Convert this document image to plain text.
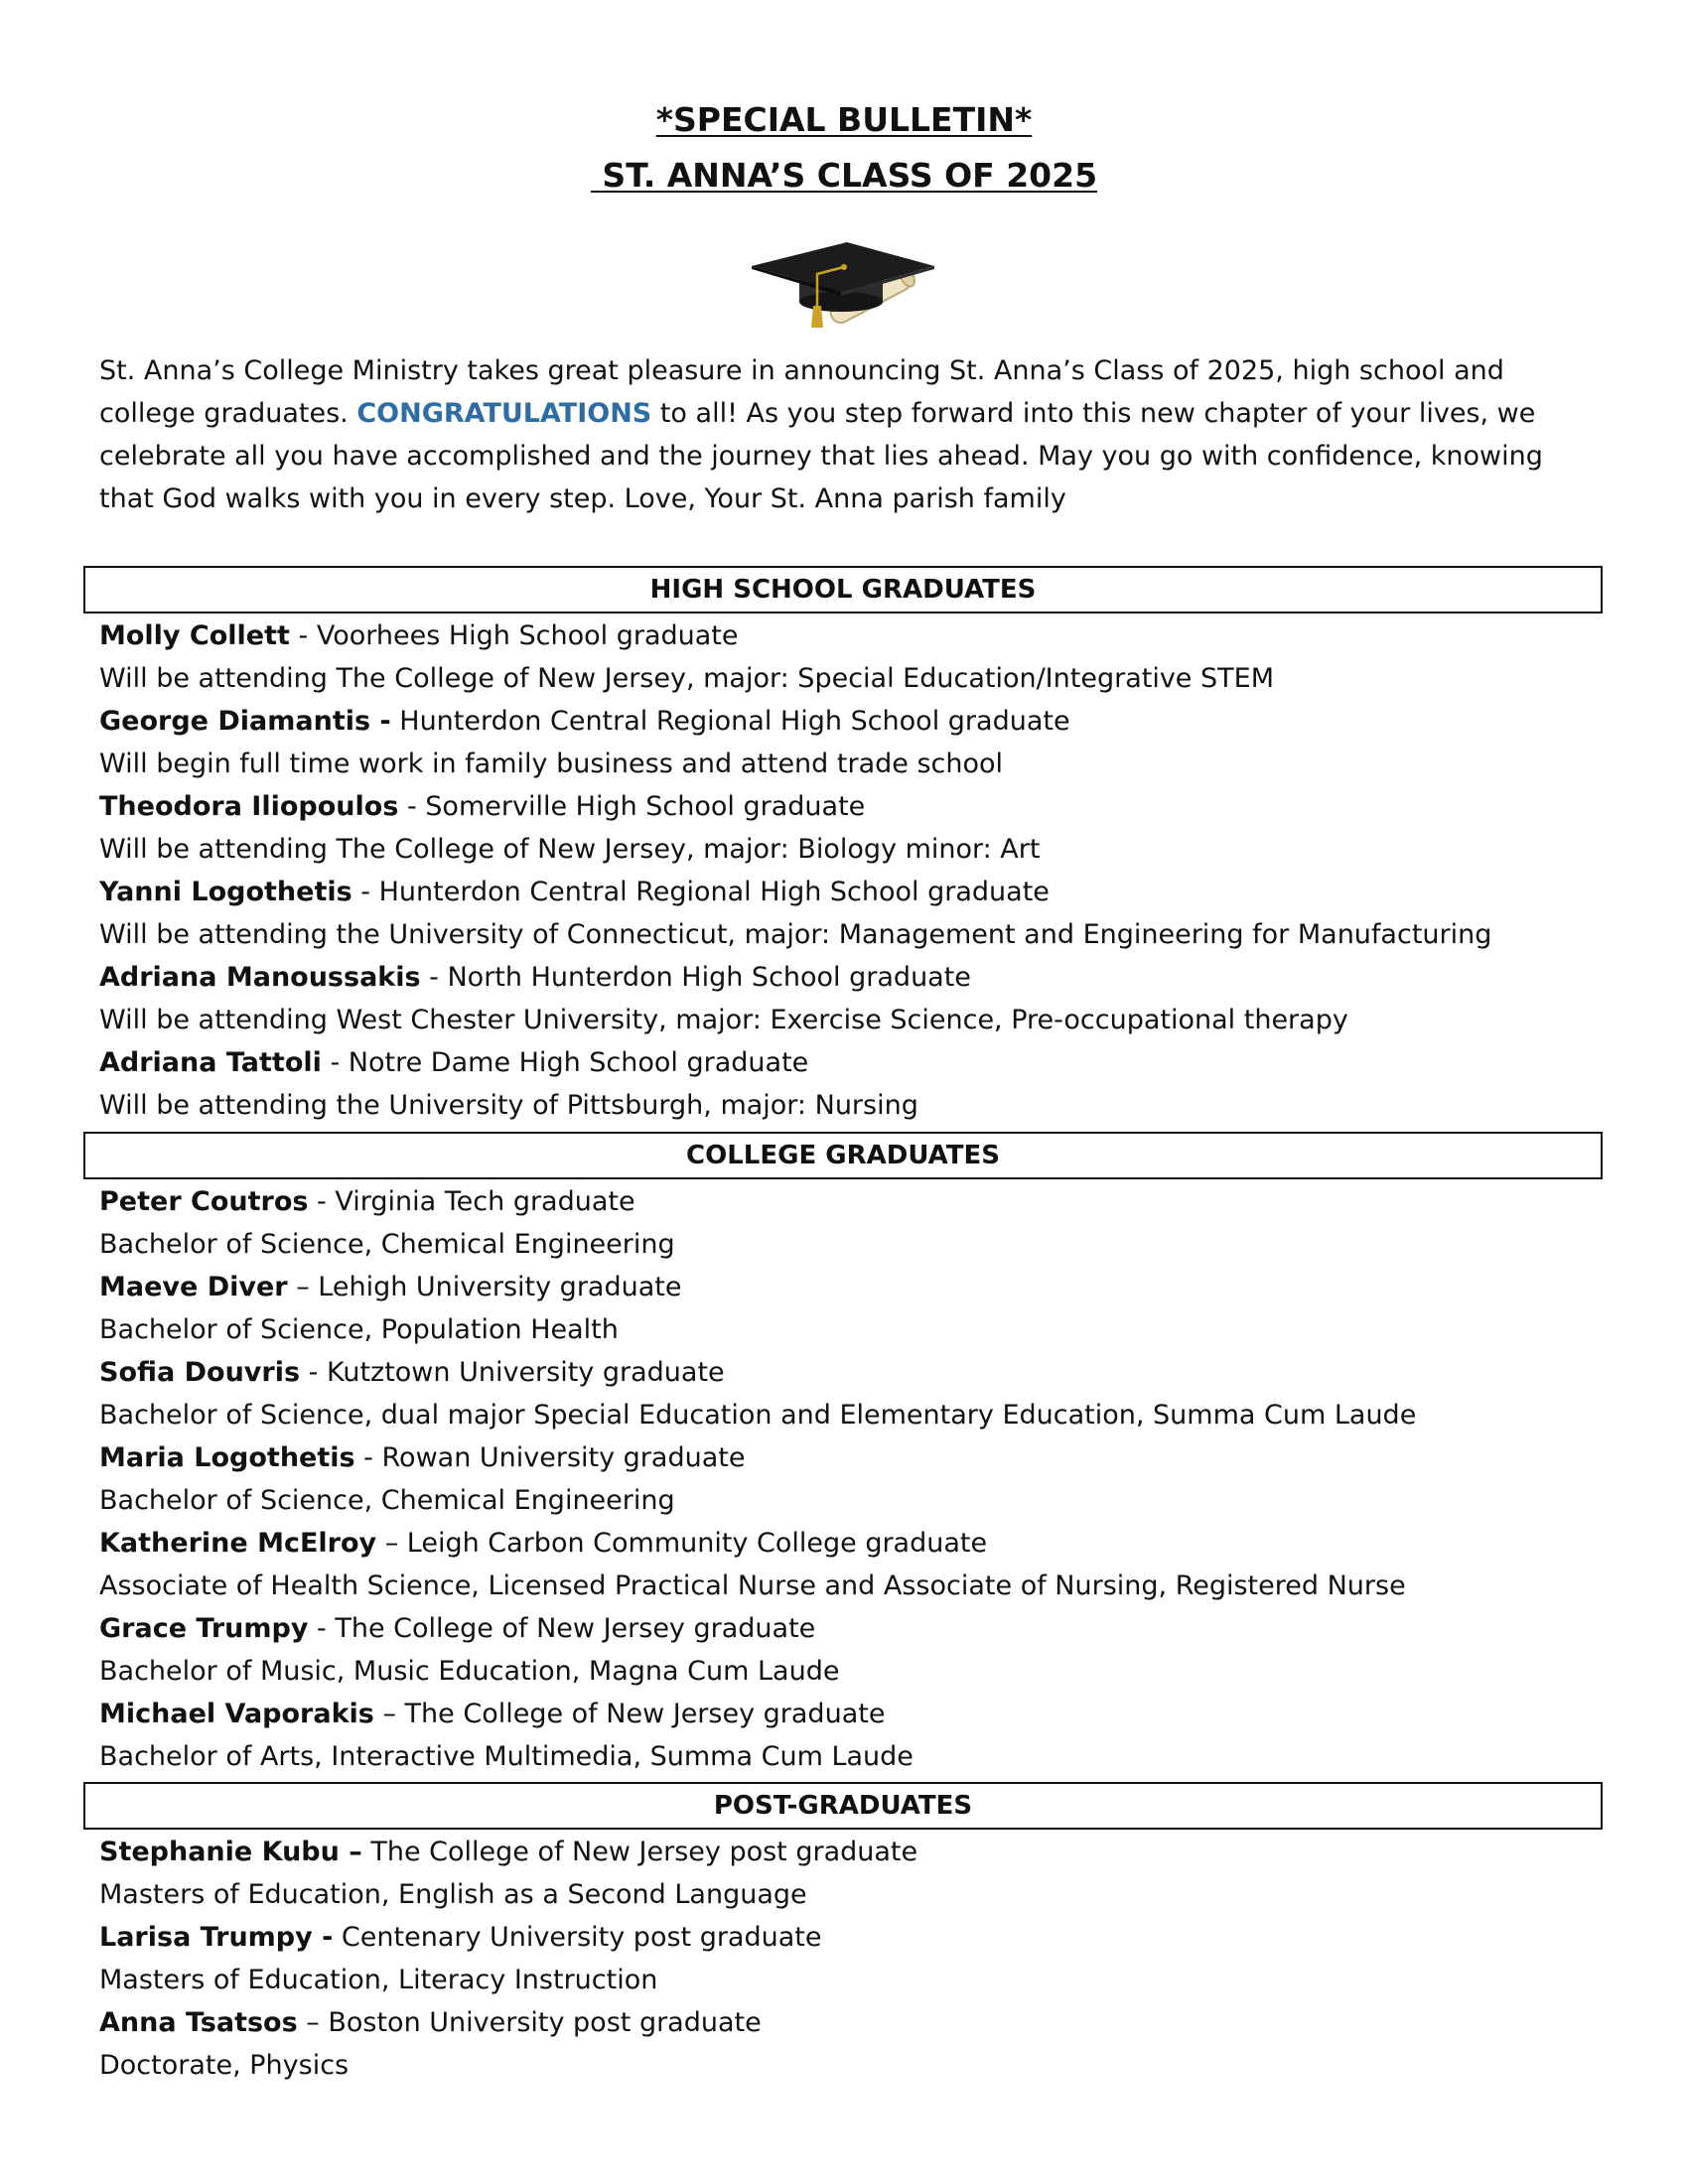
*SPECIAL BULLETIN*
ST. ANNA’S CLASS OF 2025

St. Anna’s College Ministry takes great pleasure in announcing St. Anna’s Class of 2025, high school and college graduates. CONGRATULATIONS to all! As you step forward into this new chapter of your lives, we celebrate all you have accomplished and the journey that lies ahead. May you go with confidence, knowing that God walks with you in every step. Love, Your St. Anna parish family

HIGH SCHOOL GRADUATES
Molly Collett - Voorhees High School graduate
Will be attending The College of New Jersey, major: Special Education/Integrative STEM
George Diamantis - Hunterdon Central Regional High School graduate
Will begin full time work in family business and attend trade school
Theodora Iliopoulos - Somerville High School graduate
Will be attending The College of New Jersey, major: Biology minor: Art
Yanni Logothetis - Hunterdon Central Regional High School graduate
Will be attending the University of Connecticut, major: Management and Engineering for Manufacturing
Adriana Manoussakis - North Hunterdon High School graduate
Will be attending West Chester University, major: Exercise Science, Pre-occupational therapy
Adriana Tattoli - Notre Dame High School graduate
Will be attending the University of Pittsburgh, major: Nursing
COLLEGE GRADUATES
Peter Coutros - Virginia Tech graduate
Bachelor of Science, Chemical Engineering
Maeve Diver – Lehigh University graduate
Bachelor of Science, Population Health
Sofia Douvris - Kutztown University graduate
Bachelor of Science, dual major Special Education and Elementary Education, Summa Cum Laude
Maria Logothetis - Rowan University graduate
Bachelor of Science, Chemical Engineering
Katherine McElroy – Leigh Carbon Community College graduate
Associate of Health Science, Licensed Practical Nurse and Associate of Nursing, Registered Nurse
Grace Trumpy - The College of New Jersey graduate
Bachelor of Music, Music Education, Magna Cum Laude
Michael Vaporakis – The College of New Jersey graduate
Bachelor of Arts, Interactive Multimedia, Summa Cum Laude
POST-GRADUATES
Stephanie Kubu – The College of New Jersey post graduate
Masters of Education, English as a Second Language
Larisa Trumpy - Centenary University post graduate
Masters of Education, Literacy Instruction
Anna Tsatsos – Boston University post graduate
Doctorate, Physics
